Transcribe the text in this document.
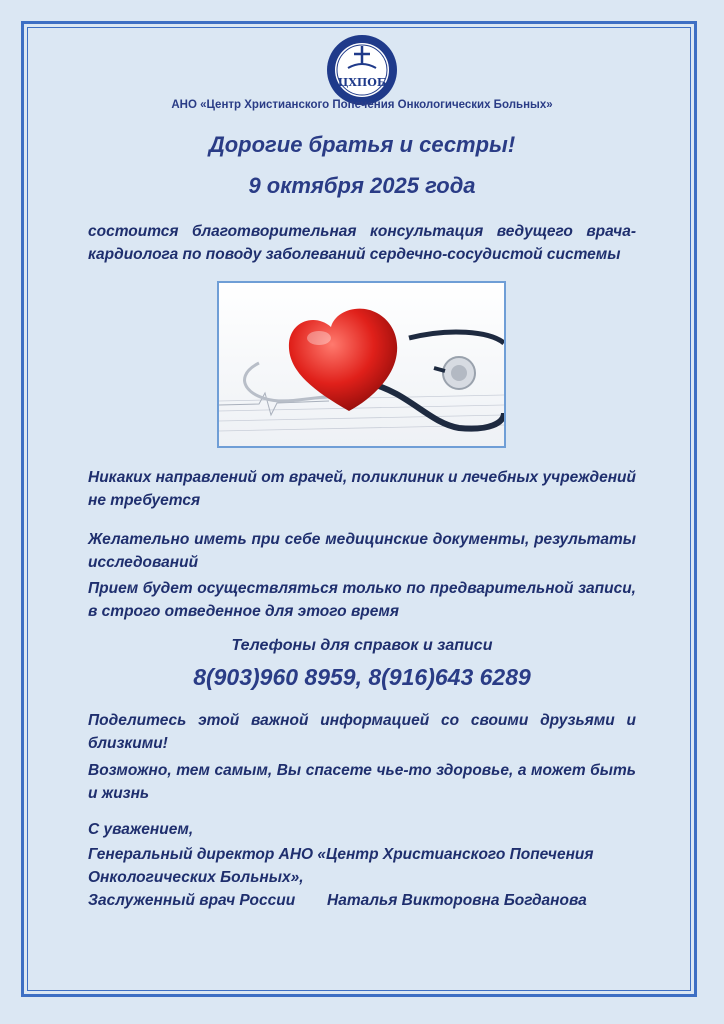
ЦХПОБ
АНО «Центр Христианского Попечения Онкологических Больных»
Дорогие братья и сестры!
9 октября 2025 года
состоится благотворительная консультация ведущего врача-кардиолога по поводу заболеваний сердечно-сосудистой системы
Никаких направлений от врачей, поликлиник и лечебных учреждений не требуется
Желательно иметь при себе медицинские документы, результаты исследований
Прием будет осуществляться только по предварительной записи, в строго отведенное для этого время
Телефоны для справок и записи
8(903)960 8959, 8(916)643 6289
Поделитесь этой важной информацией со своими друзьями и близкими!
Возможно, тем самым, Вы спасете чье-то здоровье, а может быть и жизнь
С уважением,
Генеральный директор АНО «Центр Христианского Попечения Онкологических Больных»,
Заслуженный врач России Наталья Викторовна Богданова
